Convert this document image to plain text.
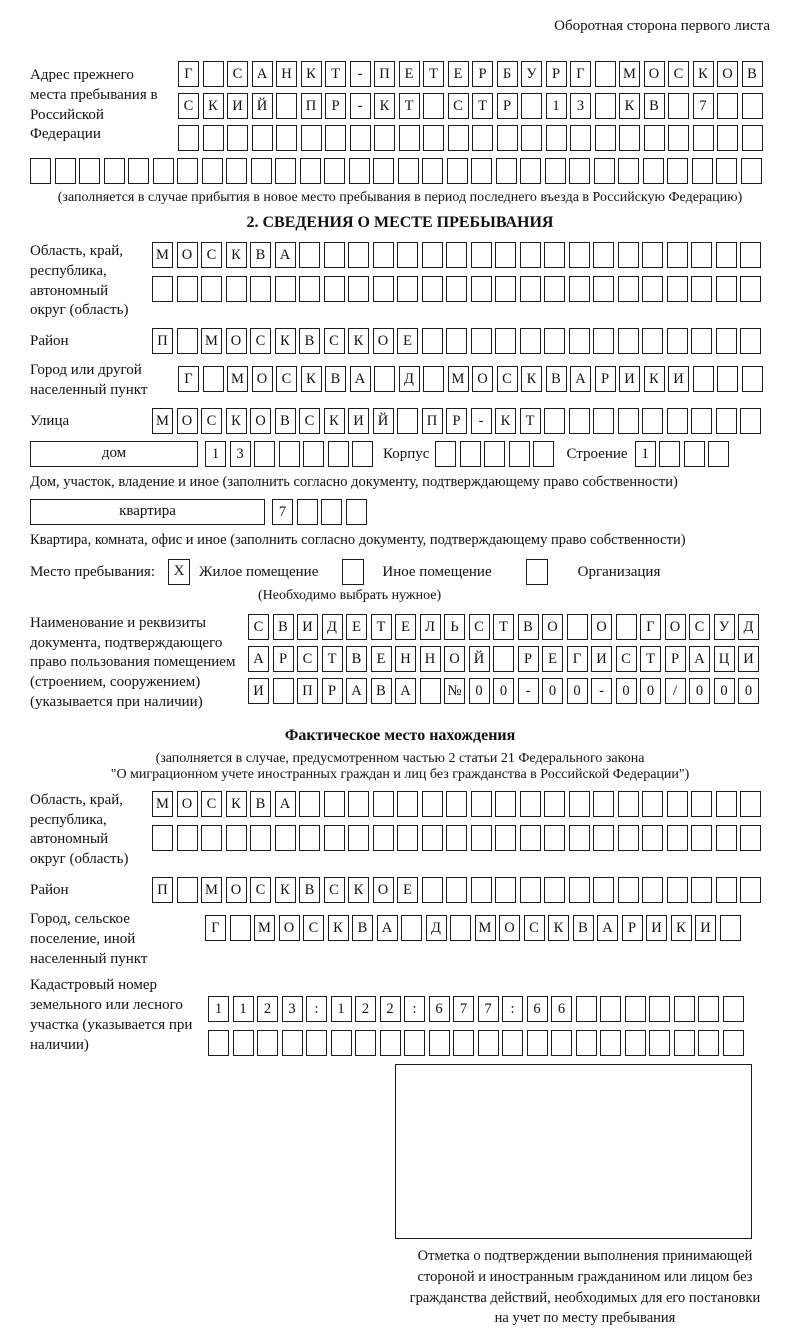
Оборотная сторона первого листа
Адрес прежнего места пребывания в Российской Федерации
Г	С А Н К	Т	-	П	Е	Т	Е	Р	Б	У	Р	Г	М О С	К О В
С	К И Й	П	Р	-	К	Т	С	Т	Р	1	3	К	В	7
(заполняется в случае прибытия в новое место пребывания в период последнего въезда в Российскую Федерацию)
2. СВЕДЕНИЯ О МЕСТЕ ПРЕБЫВАНИЯ
Область, край, республика, автономный округ (область)
М О С	К	В А
Район	П	М О С	К	В	С	К О	Е
Город или другой населенный пункт
Г	М О С	К	В А	Д	М О С	К	В А	Р	И К И
Улица	М О С	К О В	С	К И Й	П	Р	-	К	Т
дом	1	3	Корпус	Строение 1
Дом, участок, владение и иное (заполнить согласно документу, подтверждающему право собственности)
квартира	7
Квартира, комната, офис и иное (заполнить согласно документу, подтверждающему право собственности)
Место пребывания:	X Жилое помещение	Иное помещение	Организация
(Необходимо выбрать нужное)
Наименование и реквизиты документа, подтверждающего право пользования помещением (строением, сооружением) (указывается при наличии)
С	В И Д	Е	Т	Е	Л	Ь	С	Т	В О	О	Г	О С	У Д
А	Р	С	Т	В	Е	Н Н О Й	Р	Е	Г	И С	Т	Р	А Ц И
И	П	Р	А В А	№ 0	0	-	0	0	-	0	0	/	0	0	0
Фактическое место нахождения
(заполняется в случае, предусмотренном частью 2 статьи 21 Федерального закона
"О миграционном учете иностранных граждан и лиц без гражданства в Российской Федерации")
Область, край, республика, автономный округ (область)
М О С	К	В А
Район	П	М О С	К	В	С	К О	Е
Город, сельское поселение, иной населенный пункт
Г	М О С	К	В А	Д	М О С	К	В А	Р	И К И
Кадастровый номер земельного или лесного участка (указывается при наличии)
1	1	2	3	:	1	2	2	:	6	7	7	:	6	6
Отметка о подтверждении выполнения принимающей
стороной и иностранным гражданином или лицом без
гражданства действий, необходимых для его постановки
на учет по месту пребывания
